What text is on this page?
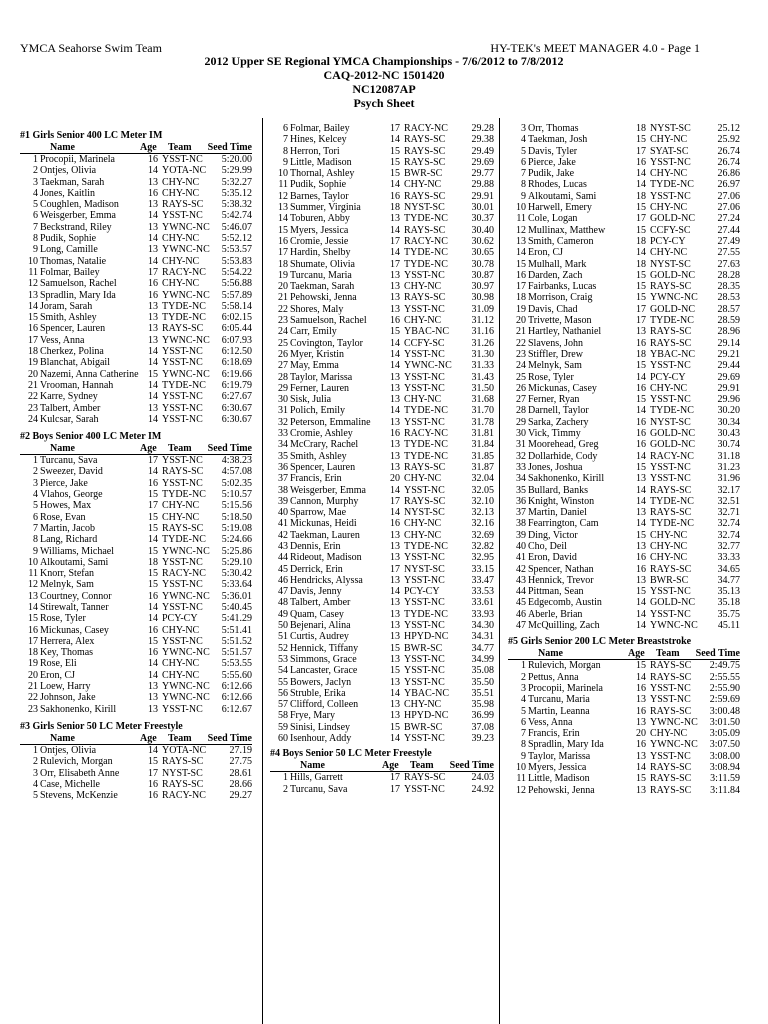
YMCA Seahorse Swim Team	HY-TEK's MEET MANAGER 4.0 - Page 1
2012 Upper SE Regional YMCA Championships - 7/6/2012 to 7/8/2012
CAQ-2012-NC 1501420
NC12087AP
Psych Sheet
#1 Girls Senior 400 LC Meter IM
Name	Age Team Seed Time
1 Procopii, Marinela	16 YSST-NC 5:20.00
2 Ontjes, Olivia	14 YOTA-NC 5:29.99
3 Taekman, Sarah	13 CHY-NC 5:32.27
4 Jones, Kaitlin	16 CHY-NC 5:35.12
5 Coughlen, Madison	13 RAYS-SC 5:38.32
6 Weisgerber, Emma	14 YSST-NC 5:42.74
7 Beckstrand, Riley	13 YWNC-NC 5:46.07
8 Pudik, Sophie	14 CHY-NC 5:52.12
9 Long, Camille	13 YWNC-NC 5:53.57
10 Thomas, Natalie	14 CHY-NC 5:53.83
11 Folmar, Bailey	17 RACY-NC 5:54.22
12 Samuelson, Rachel	16 CHY-NC 5:56.88
13 Spradlin, Mary Ida	16 YWNC-NC 5:57.89
14 Joram, Sarah	13 TYDE-NC 5:58.14
15 Smith, Ashley	13 TYDE-NC 6:02.15
16 Spencer, Lauren	13 RAYS-SC 6:05.44
17 Vess, Anna	13 YWNC-NC 6:07.93
18 Cherkez, Polina	14 YSST-NC 6:12.50
19 Blanchat, Abigail	14 YSST-NC 6:18.69
20 Nazemi, Anna Catherine 15 YWNC-NC 6:19.66
21 Vrooman, Hannah	14 TYDE-NC 6:19.79
22 Karre, Sydney	14 YSST-NC 6:27.67
23 Talbert, Amber	13 YSST-NC 6:30.67
24 Kulcsar, Sarah	14 YSST-NC 6:30.67
#2 Boys Senior 400 LC Meter IM
Name	Age Team Seed Time
1 Turcanu, Sava	17 YSST-NC 4:38.23
2 Sweezer, David	14 RAYS-SC 4:57.08
3 Pierce, Jake	16 YSST-NC 5:02.35
4 Vlahos, George	15 TYDE-NC 5:10.57
5 Howes, Max	17 CHY-NC 5:15.56
6 Rose, Evan	15 CHY-NC 5:18.50
7 Martin, Jacob	15 RAYS-SC 5:19.08
8 Lang, Richard	14 TYDE-NC 5:24.66
9 Williams, Michael	15 YWNC-NC 5:25.86
10 Alkoutami, Sami	18 YSST-NC 5:29.10
11 Knorr, Stefan	15 RACY-NC 5:30.42
12 Melnyk, Sam	15 YSST-NC 5:33.64
13 Courtney, Connor	16 YWNC-NC 5:36.01
14 Stirewalt, Tanner	14 YSST-NC 5:40.45
15 Rose, Tyler	14 PCY-CY 5:41.29
16 Mickunas, Casey	16 CHY-NC 5:51.41
17 Herrera, Alex	15 YSST-NC 5:51.52
18 Key, Thomas	16 YWNC-NC 5:51.57
19 Rose, Eli	14 CHY-NC 5:53.55
20 Eron, CJ	14 CHY-NC 5:55.60
21 Loew, Harry	13 YWNC-NC 6:12.66
22 Johnson, Jake	13 YWNC-NC 6:12.66
23 Sakhonenko, Kirill	13 YSST-NC 6:12.67
#3 Girls Senior 50 LC Meter Freestyle
Name	Age Team Seed Time
1 Ontjes, Olivia	14 YOTA-NC 27.19
2 Rulevich, Morgan	15 RAYS-SC	27.75
3 Orr, Elisabeth Anne	17 NYST-SC	28.61
4 Case, Michelle	16 RAYS-SC	28.66
5 Stevens, McKenzie	16 RACY-NC 29.27
6 Folmar, Bailey	17 RACY-NC 29.28
7 Hines, Kelcey	14 RAYS-SC	29.38
8 Herron, Tori	15 RAYS-SC	29.49
9 Little, Madison	15 RAYS-SC	29.69
10 Thornal, Ashley	15 BWR-SC	29.77
11 Pudik, Sophie	14 CHY-NC	29.88
12 Barnes, Taylor	16 RAYS-SC	29.91
13 Summer, Virginia	18 NYST-SC	30.01
14 Toburen, Abby	13 TYDE-NC 30.37
15 Myers, Jessica	14 RAYS-SC	30.40
16 Cromie, Jessie	17 RACY-NC 30.62
17 Hardin, Shelby	14 TYDE-NC 30.65
18 Shumate, Olivia	17 TYDE-NC 30.78
19 Turcanu, Maria	13 YSST-NC	30.87
20 Taekman, Sarah	13 CHY-NC	30.97
21 Pehowski, Jenna	13 RAYS-SC	30.98
22 Shores, Maly	13 YSST-NC	31.09
23 Samuelson, Rachel 16 CHY-NC	31.12
24 Carr, Emily	15 YBAC-NC 31.16
25 Covington, Taylor	14 CCFY-SC	31.26
26 Myer, Kristin	14 YSST-NC	31.30
27 May, Emma	14 YWNC-NC 31.33
28 Taylor, Marissa	13 YSST-NC	31.43
29 Ferner, Lauren	13 YSST-NC	31.50
30 Sisk, Julia	13 CHY-NC	31.68
31 Polich, Emily	14 TYDE-NC 31.70
32 Peterson, Emmaline 13 YSST-NC	31.78
33 Cromie, Ashley	16 RACY-NC 31.81
34 McCrary, Rachel	13 TYDE-NC 31.84
35 Smith, Ashley	13 TYDE-NC 31.85
36 Spencer, Lauren	13 RAYS-SC	31.87
37 Francis, Erin	20 CHY-NC	32.04
38 Weisgerber, Emma 14 YSST-NC	32.05
39 Cannon, Murphy	17 RAYS-SC	32.10
40 Sparrow, Mae	14 NYST-SC	32.13
41 Mickunas, Heidi	16 CHY-NC	32.16
42 Taekman, Lauren	13 CHY-NC	32.69
43 Dennis, Erin	13 TYDE-NC 32.82
44 Rideout, Madison	13 YSST-NC	32.95
45 Derrick, Erin	17 NYST-SC	33.15
46 Hendricks, Alyssa	13 YSST-NC	33.47
47 Davis, Jenny	14 PCY-CY	33.53
48 Talbert, Amber	13 YSST-NC	33.61
49 Quam, Casey	13 TYDE-NC 33.93
50 Bejenari, Alina	13 YSST-NC	34.30
51 Curtis, Audrey	13 HPYD-NC 34.31
52 Hennick, Tiffany	15 BWR-SC	34.77
53 Simmons, Grace	13 YSST-NC	34.99
54 Lancaster, Grace	15 YSST-NC	35.08
55 Bowers, Jaclyn	13 YSST-NC	35.50
56 Struble, Erika	14 YBAC-NC 35.51
57 Clifford, Colleen	13 CHY-NC	35.98
58 Frye, Mary	13 HPYD-NC 36.99
59 Sinisi, Lindsey	15 BWR-SC	37.08
60 Isenhour, Addy	14 YSST-NC	39.23
#4 Boys Senior 50 LC Meter Freestyle
Name	Age Team Seed Time
1 Hills, Garrett	17 RAYS-SC	24.03
2 Turcanu, Sava	17 YSST-NC	24.92
3 Orr, Thomas	18 NYST-SC	25.12
4 Taekman, Josh	15 CHY-NC	25.92
5 Davis, Tyler	17 SYAT-SC	26.74
6 Pierce, Jake	16 YSST-NC	26.74
7 Pudik, Jake	14 CHY-NC	26.86
8 Rhodes, Lucas	14 TYDE-NC 26.97
9 Alkoutami, Sami	18 YSST-NC	27.06
10 Harwell, Emery	15 CHY-NC	27.06
11 Cole, Logan	17 GOLD-NC 27.24
12 Mullinax, Matthew	15 CCFY-SC	27.44
13 Smith, Cameron	18 PCY-CY	27.49
14 Eron, CJ	14 CHY-NC	27.55
15 Mulhall, Mark	18 NYST-SC	27.63
16 Darden, Zach	15 GOLD-NC 28.28
17 Fairbanks, Lucas	15 RAYS-SC	28.35
18 Morrison, Craig	15 YWNC-NC 28.53
19 Davis, Chad	17 GOLD-NC 28.57
20 Trivette, Mason	17 TYDE-NC 28.59
21 Hartley, Nathaniel	13 RAYS-SC	28.96
22 Slavens, John	16 RAYS-SC	29.14
23 Stiffler, Drew	18 YBAC-NC 29.21
24 Melnyk, Sam	15 YSST-NC	29.44
25 Rose, Tyler	14 PCY-CY	29.69
26 Mickunas, Casey	16 CHY-NC	29.91
27 Ferner, Ryan	15 YSST-NC	29.96
28 Darnell, Taylor	14 TYDE-NC 30.20
29 Sarka, Zachery	16 NYST-SC	30.34
30 Vick, Timmy	16 GOLD-NC 30.43
31 Moorehead, Greg	16 GOLD-NC 30.74
32 Dollarhide, Cody	14 RACY-NC 31.18
33 Jones, Joshua	15 YSST-NC	31.23
34 Sakhonenko, Kirill	13 YSST-NC	31.96
35 Bullard, Banks	14 RAYS-SC	32.17
36 Knight, Winston	14 TYDE-NC 32.51
37 Martin, Daniel	13 RAYS-SC	32.71
38 Fearrington, Cam	14 TYDE-NC 32.74
39 Ding, Victor	15 CHY-NC	32.74
40 Cho, Deil	13 CHY-NC	32.77
41 Eron, David	16 CHY-NC	33.33
42 Spencer, Nathan	16 RAYS-SC	34.65
43 Hennick, Trevor	13 BWR-SC	34.77
44 Pittman, Sean	15 YSST-NC	35.13
45 Edgecomb, Austin	14 GOLD-NC 35.18
46 Aberle, Brian	14 YSST-NC	35.75
47 McQuilling, Zach	14 YWNC-NC 45.11
#5 Girls Senior 200 LC Meter Breaststroke
Name	Age Team Seed Time
1 Rulevich, Morgan	15 RAYS-SC 2:49.75
2 Pettus, Anna	14 RAYS-SC 2:55.55
3 Procopii, Marinela	16 YSST-NC 2:55.90
4 Turcanu, Maria	13 YSST-NC 2:59.69
5 Martin, Leanna	16 RAYS-SC 3:00.48
6 Vess, Anna	13 YWNC-NC 3:01.50
7 Francis, Erin	20 CHY-NC 3:05.09
8 Spradlin, Mary Ida	16 YWNC-NC 3:07.50
9 Taylor, Marissa	13 YSST-NC 3:08.00
10 Myers, Jessica	14 RAYS-SC 3:08.94
11 Little, Madison	15 RAYS-SC 3:11.59
12 Pehowski, Jenna	13 RAYS-SC 3:11.84
